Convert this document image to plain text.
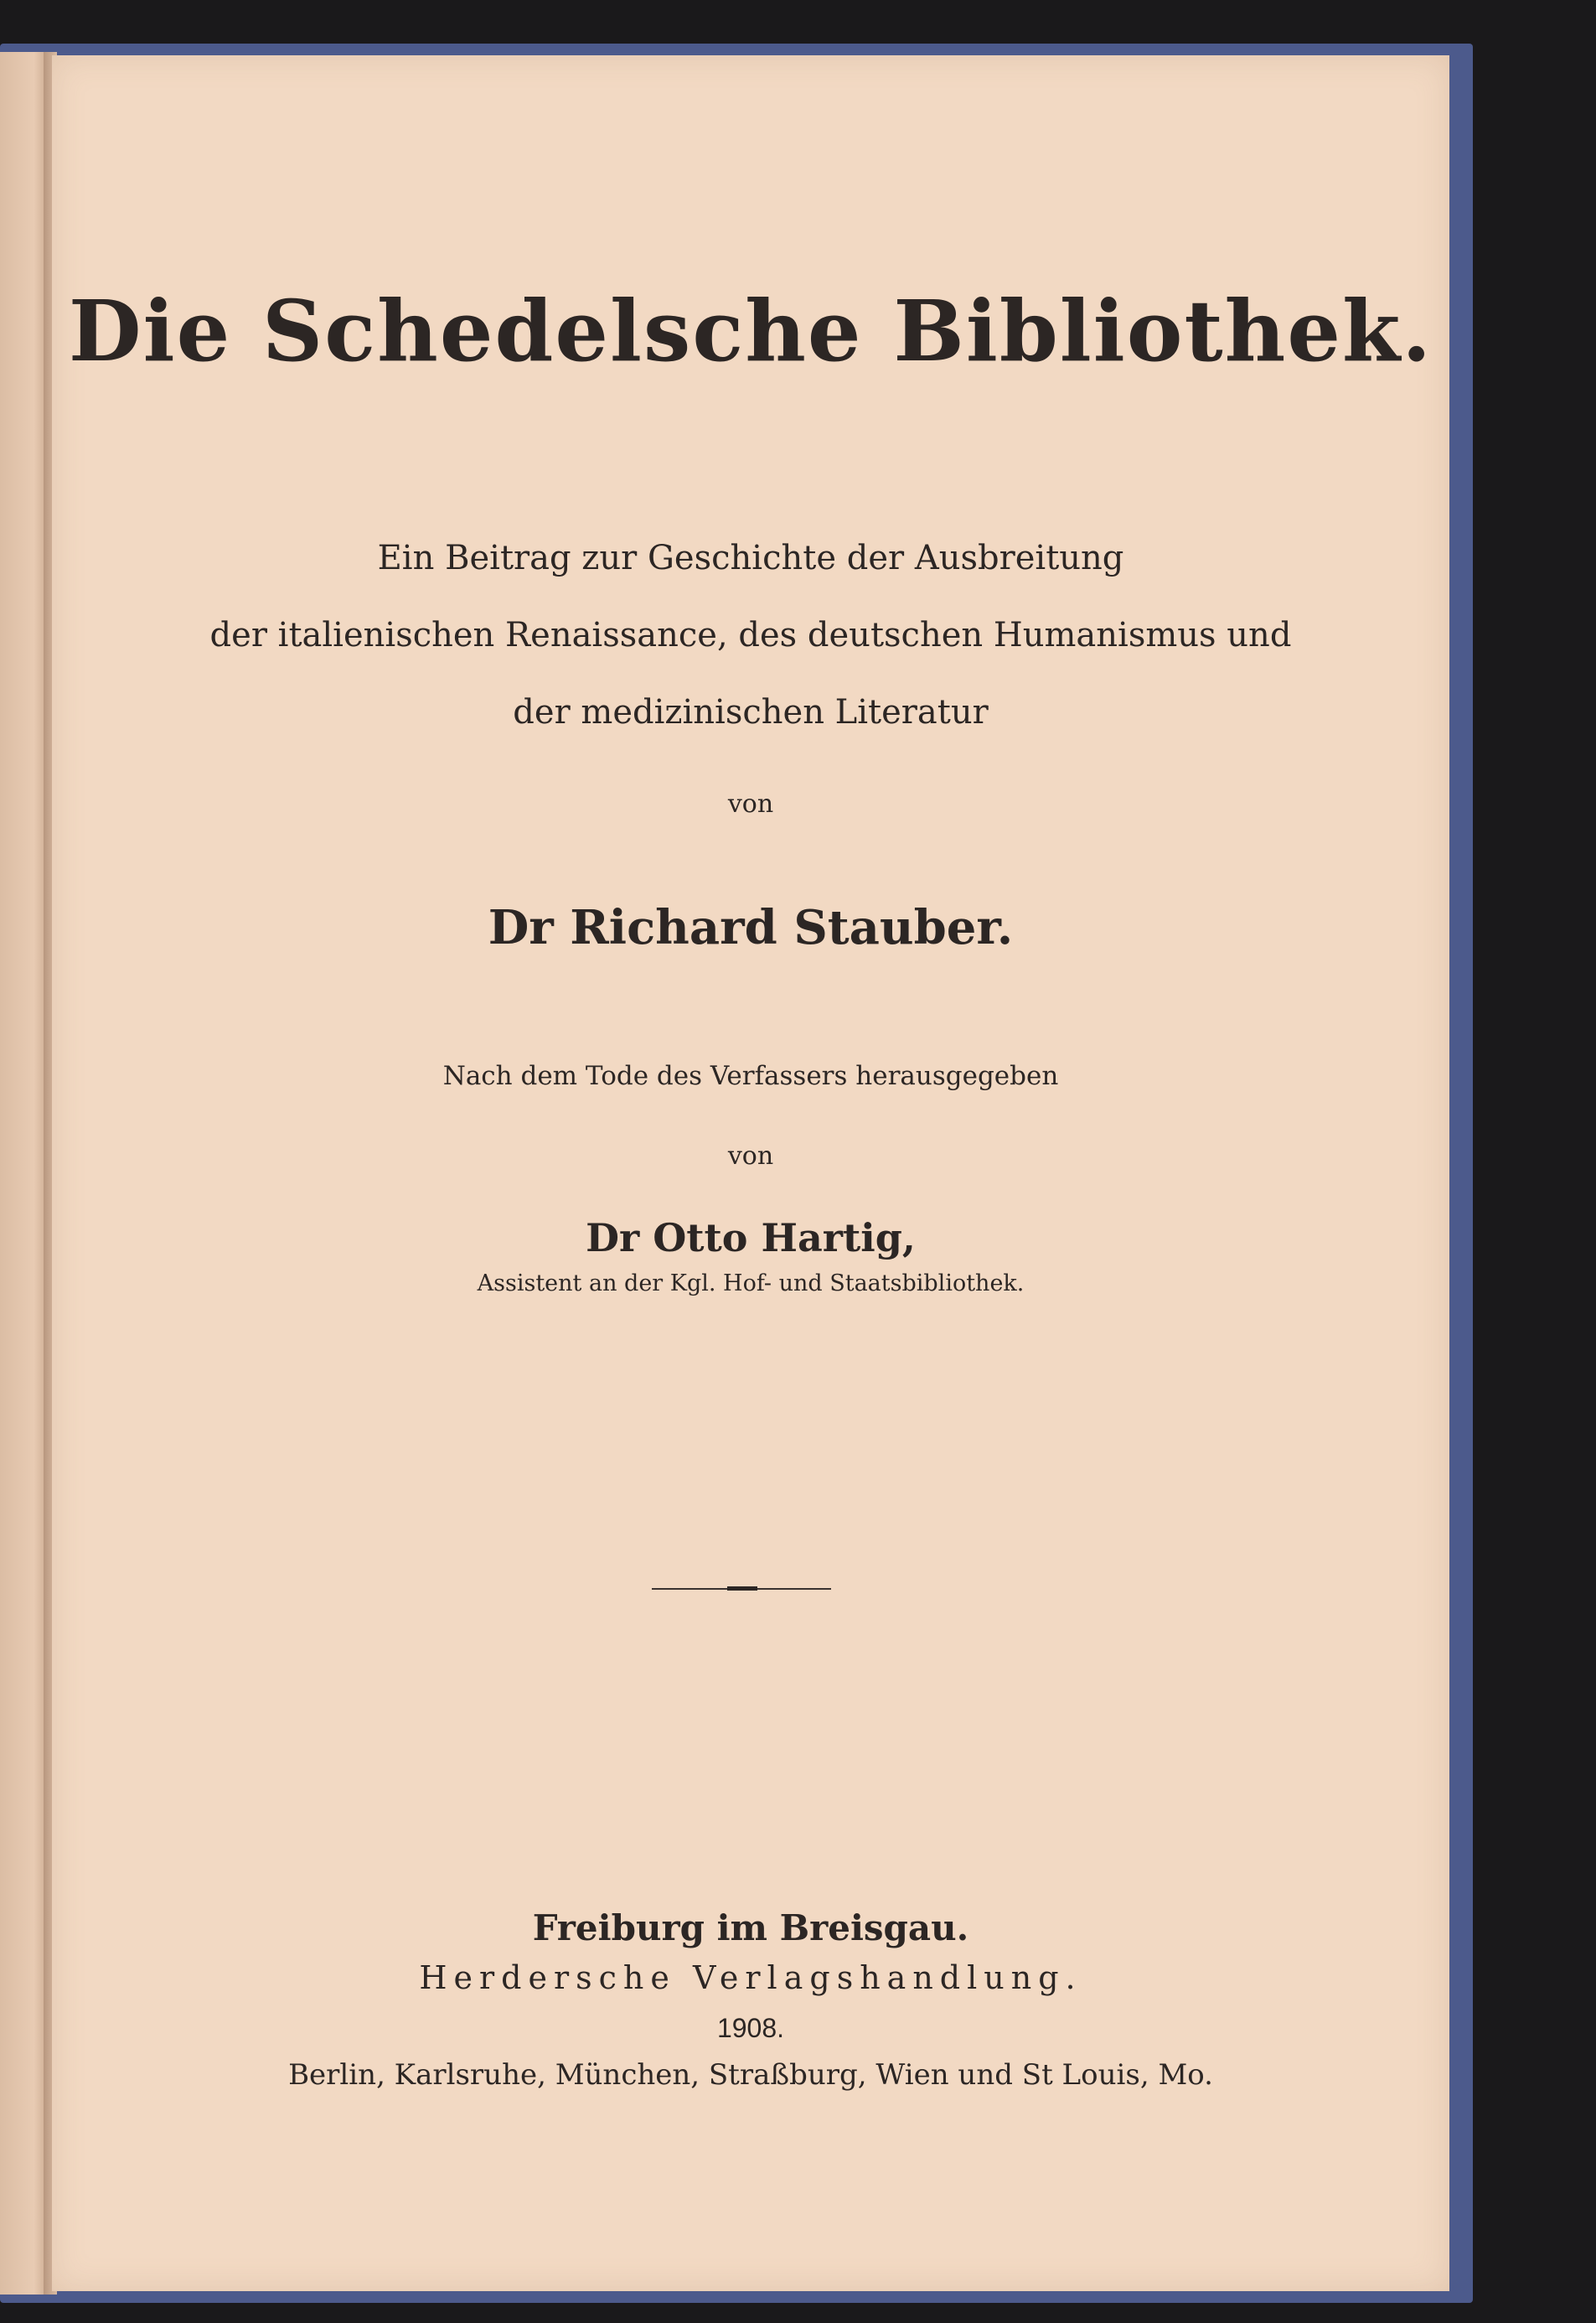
Die Schedelsche Bibliothek.
Ein Beitrag zur Geschichte der Ausbreitung
der italienischen Renaissance, des deutschen Humanismus und
der medizinischen Literatur
von
Dr Richard Stauber.
Nach dem Tode des Verfassers herausgegeben
von
Dr Otto Hartig,
Assistent an der Kgl. Hof- und Staatsbibliothek.
Freiburg im Breisgau.
Herdersche Verlagshandlung.
1908.
Berlin, Karlsruhe, München, Straßburg, Wien und St Louis, Mo.
